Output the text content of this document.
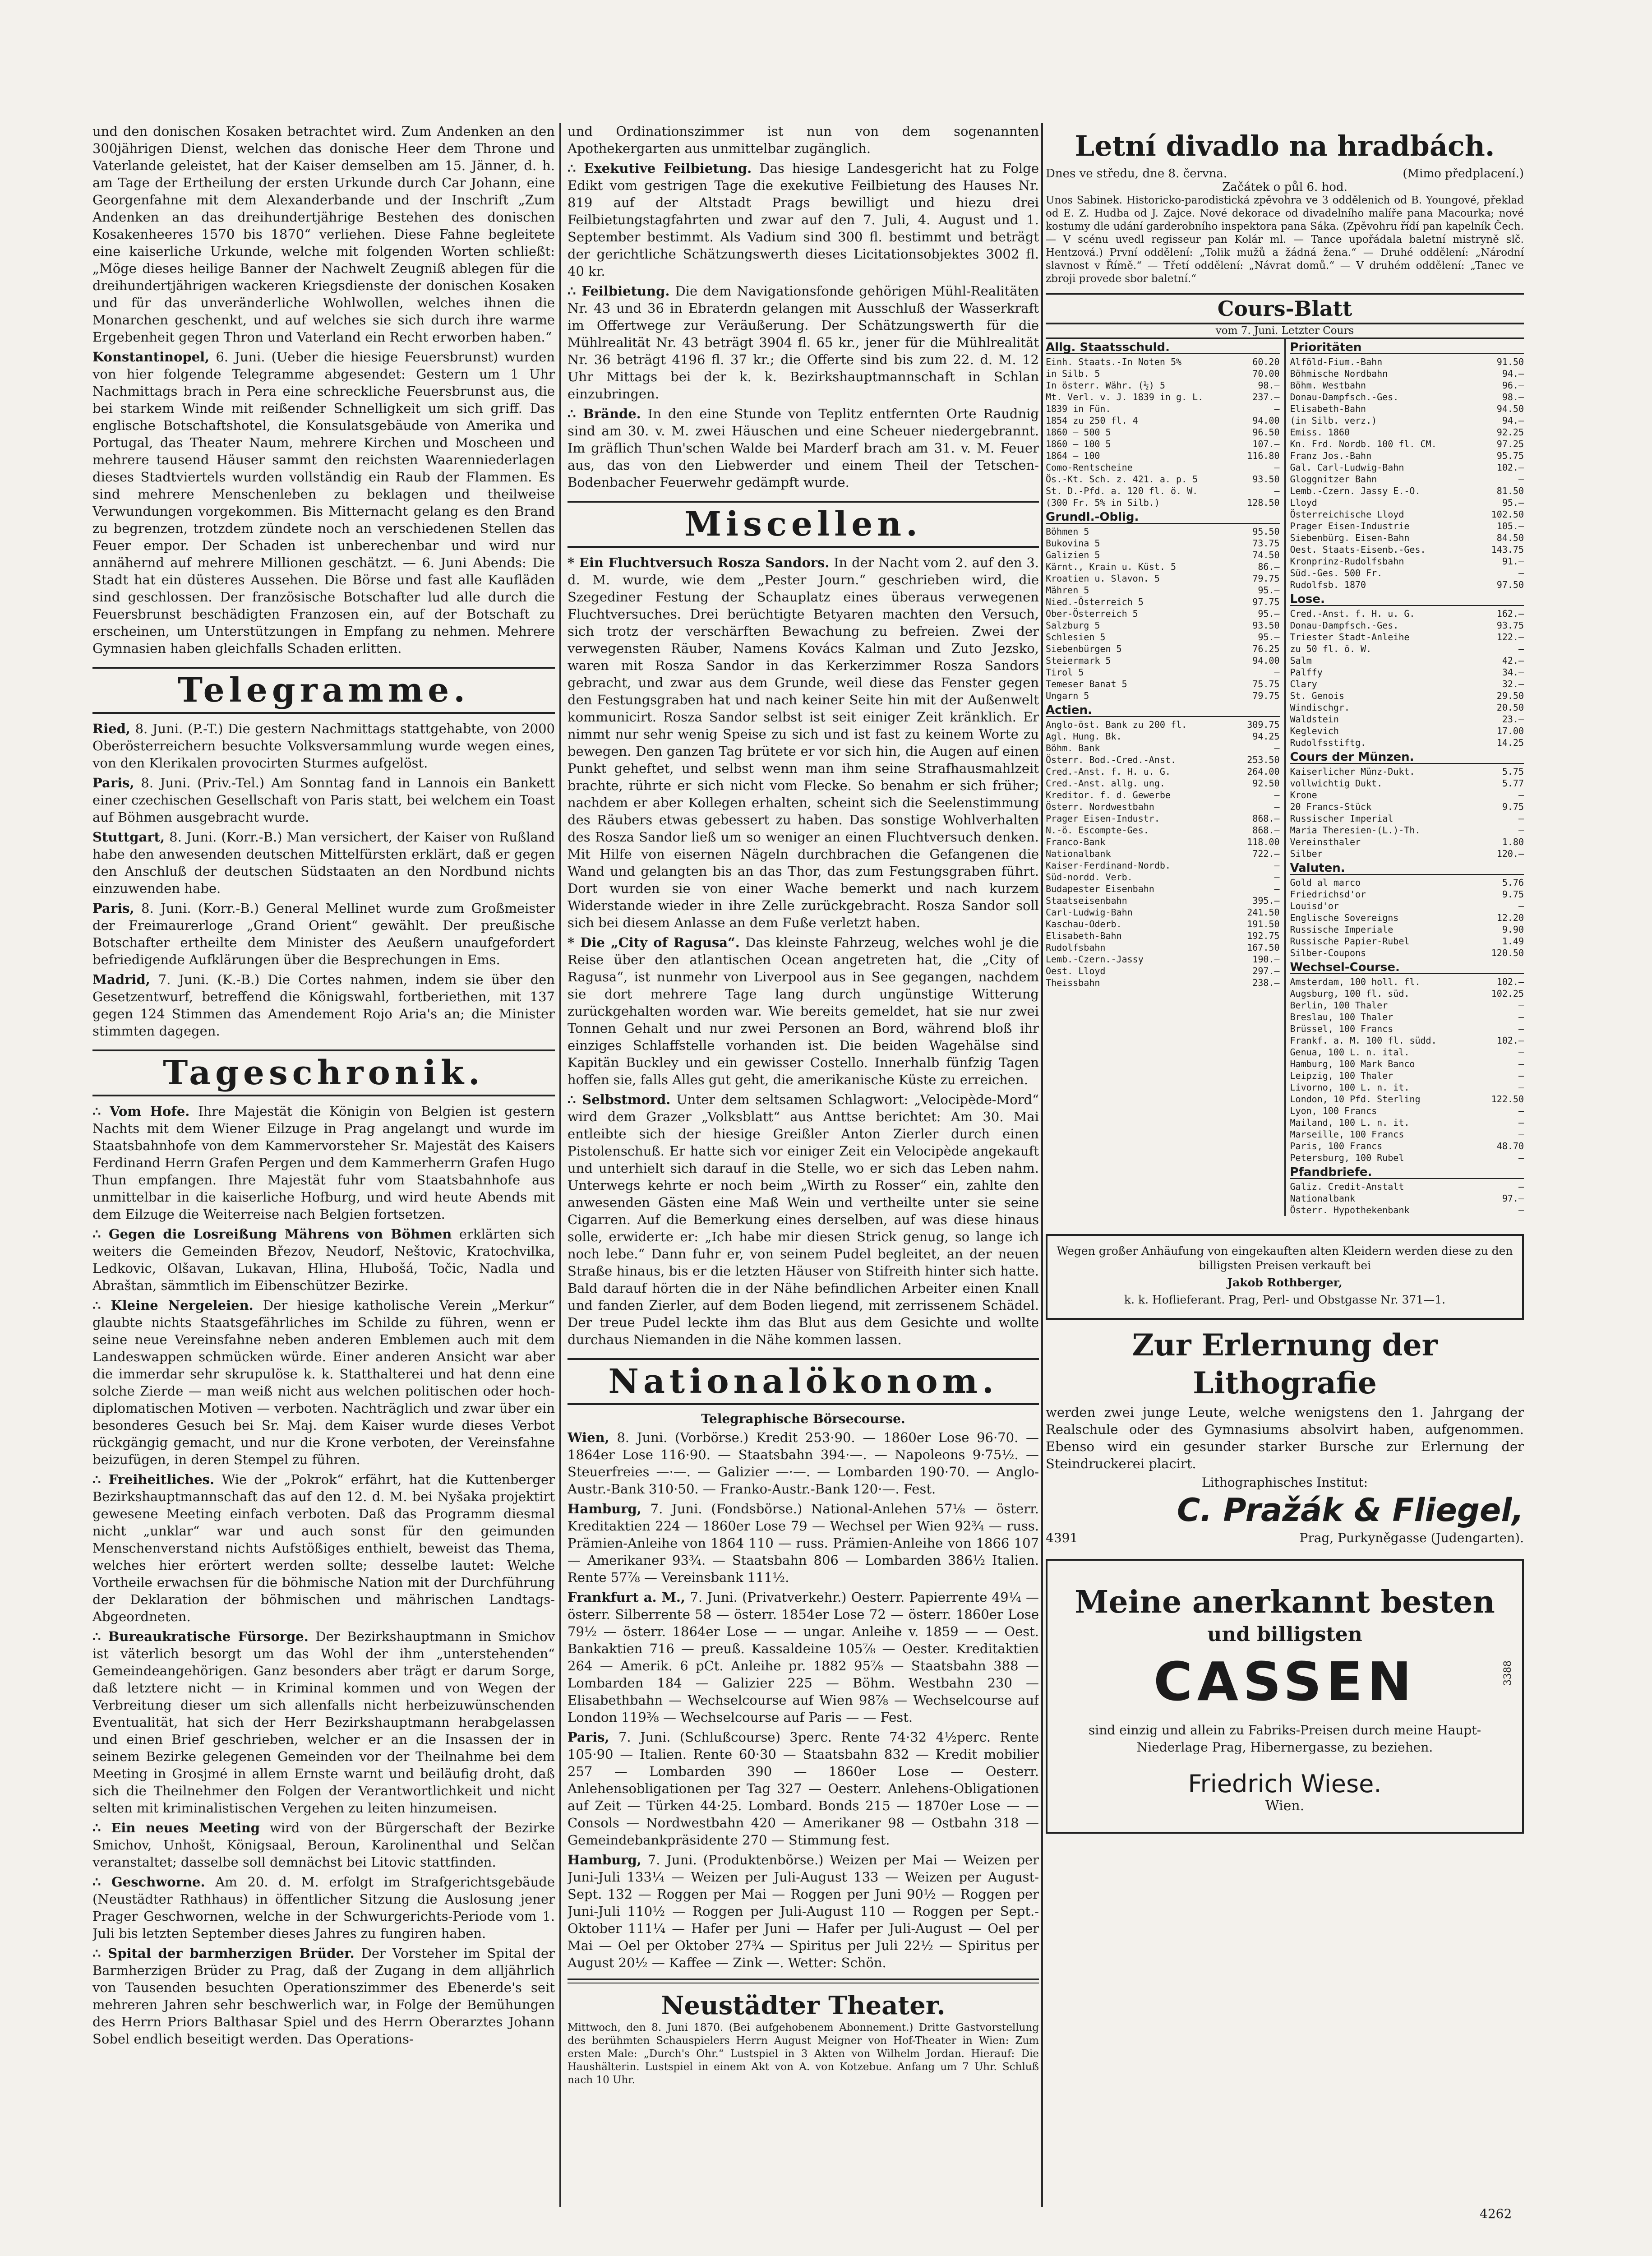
und den donischen Kosaken betrachtet wird. Zum Andenken an den 300jährigen Dienst, welchen das donische Heer dem Throne und Vaterlande geleistet, hat der Kaiser demselben am 15. Jänner, d. h. am Tage der Ertheilung der ersten Urkunde durch Car Johann, eine Georgenfahne mit dem Alexanderbande und der Inschrift „Zum Andenken an das dreihundertjährige Bestehen des donischen Kosakenheeres 1570 bis 1870“ verliehen. Diese Fahne begleitete eine kaiserliche Urkunde, welche mit folgenden Worten schließt: „Möge dieses heilige Banner der Nachwelt Zeugniß ablegen für die dreihundertjährigen wackeren Kriegsdienste der donischen Kosaken und für das unveränderliche Wohlwollen, welches ihnen die Monarchen geschenkt, und auf welches sie sich durch ihre warme Ergebenheit gegen Thron und Vaterland ein Recht erworben haben.“

Konstantinopel, 6. Juni. (Ueber die hiesige Feuersbrunst) wurden von hier folgende Telegramme abgesendet: Gestern um 1 Uhr Nachmittags brach in Pera eine schreckliche Feuersbrunst aus, die bei starkem Winde mit reißender Schnelligkeit um sich griff. Das englische Botschaftshotel, die Konsulatsgebäude von Amerika und Portugal, das Theater Naum, mehrere Kirchen und Moscheen und mehrere tausend Häuser sammt den reichsten Waarenniederlagen dieses Stadtviertels wurden vollständig ein Raub der Flammen. Es sind mehrere Menschenleben zu beklagen und theilweise Verwundungen vorgekommen. Bis Mitternacht gelang es den Brand zu begrenzen, trotzdem zündete noch an verschiedenen Stellen das Feuer empor. Der Schaden ist unberechenbar und wird nur annähernd auf mehrere Millionen geschätzt. — 6. Juni Abends: Die Stadt hat ein düsteres Aussehen. Die Börse und fast alle Kaufläden sind geschlossen. Der französische Botschafter lud alle durch die Feuersbrunst beschädigten Franzosen ein, auf der Botschaft zu erscheinen, um Unterstützungen in Empfang zu nehmen. Mehrere Gymnasien haben gleichfalls Schaden erlitten.

Telegramme.

Ried, 8. Juni. (P.-T.) Die gestern Nachmittags stattgehabte, von 2000 Oberösterreichern besuchte Volksversammlung wurde wegen eines, von den Klerikalen provocirten Sturmes aufgelöst.

Paris, 8. Juni. (Priv.-Tel.) Am Sonntag fand in Lannois ein Bankett einer czechischen Gesellschaft von Paris statt, bei welchem ein Toast auf Böhmen ausgebracht wurde.

Stuttgart, 8. Juni. (Korr.-B.) Man versichert, der Kaiser von Rußland habe den anwesenden deutschen Mittelfürsten erklärt, daß er gegen den Anschluß der deutschen Südstaaten an den Nordbund nichts einzuwenden habe.

Paris, 8. Juni. (Korr.-B.) General Mellinet wurde zum Großmeister der Freimaurerloge „Grand Orient“ gewählt. Der preußische Botschafter ertheilte dem Minister des Aeußern unaufgefordert befriedigende Aufklärungen über die Besprechungen in Ems.

Madrid, 7. Juni. (K.-B.) Die Cortes nahmen, indem sie über den Gesetzentwurf, betreffend die Königswahl, fortberiethen, mit 137 gegen 124 Stimmen das Amendement Rojo Aria's an; die Minister stimmten dagegen.

Tageschronik.

∴ Vom Hofe. Ihre Majestät die Königin von Belgien ist gestern Nachts mit dem Wiener Eilzuge in Prag angelangt und wurde im Staatsbahnhofe von dem Kammervorsteher Sr. Majestät des Kaisers Ferdinand Herrn Grafen Pergen und dem Kammerherrn Grafen Hugo Thun empfangen. Ihre Majestät fuhr vom Staatsbahnhofe aus unmittelbar in die kaiserliche Hofburg, und wird heute Abends mit dem Eilzuge die Weiterreise nach Belgien fortsetzen.

∴ Gegen die Losreißung Mährens von Böhmen erklärten sich weiters die Gemeinden Březov, Neudorf, Neštovic, Kratochvilka, Ledkovic, Olšavan, Lukavan, Hlina, Hlubošá, Točic, Nadla und Abraštan, sämmtlich im Eibenschützer Bezirke.

∴ Kleine Nergeleien. Der hiesige katholische Verein „Merkur“ glaubte nichts Staatsgefährliches im Schilde zu führen, wenn er seine neue Vereinsfahne neben anderen Emblemen auch mit dem Landeswappen schmücken würde. Einer anderen Ansicht war aber die immerdar sehr skrupulöse k. k. Statthalterei und hat denn eine solche Zierde — man weiß nicht aus welchen politischen oder hoch-diplomatischen Motiven — verboten. Nachträglich und zwar über ein besonderes Gesuch bei Sr. Maj. dem Kaiser wurde dieses Verbot rückgängig gemacht, und nur die Krone verboten, der Vereinsfahne beizufügen, in deren Stempel zu führen.

∴ Freiheitliches. Wie der „Pokrok“ erfährt, hat die Kuttenberger Bezirkshauptmannschaft das auf den 12. d. M. bei Nyšaka projektirt gewesene Meeting einfach verboten. Daß das Programm diesmal nicht „unklar“ war und auch sonst für den geimunden Menschenverstand nichts Aufstößiges enthielt, beweist das Thema, welches hier erörtert werden sollte; desselbe lautet: Welche Vortheile erwachsen für die böhmische Nation mit der Durchführung der Deklaration der böhmischen und mährischen Landtags-Abgeordneten.

∴ Bureaukratische Fürsorge. Der Bezirkshauptmann in Smichov ist väterlich besorgt um das Wohl der ihm „unterstehenden“ Gemeindeangehörigen. Ganz besonders aber trägt er darum Sorge, daß letztere nicht — in Kriminal kommen und von Wegen der Verbreitung dieser um sich allenfalls nicht herbeizuwünschenden Eventualität, hat sich der Herr Bezirkshauptmann herabgelassen und einen Brief geschrieben, welcher er an die Insassen der in seinem Bezirke gelegenen Gemeinden vor der Theilnahme bei dem Meeting in Grosjmé in allem Ernste warnt und beiläufig droht, daß sich die Theilnehmer den Folgen der Verantwortlichkeit und nicht selten mit kriminalistischen Vergehen zu leiten hinzumeisen.

∴ Ein neues Meeting wird von der Bürgerschaft der Bezirke Smichov, Unhošt, Königsaal, Beroun, Karolinenthal und Selčan veranstaltet; dasselbe soll demnächst bei Litovic stattfinden.

∴ Geschworne. Am 20. d. M. erfolgt im Strafgerichtsgebäude (Neustädter Rathhaus) in öffentlicher Sitzung die Auslosung jener Prager Geschwornen, welche in der Schwurgerichts-Periode vom 1. Juli bis letzten September dieses Jahres zu fungiren haben.

∴ Spital der barmherzigen Brüder. Der Vorsteher im Spital der Barmherzigen Brüder zu Prag, daß der Zugang in dem alljährlich von Tausenden besuchten Operationszimmer des Ebenerde's seit mehreren Jahren sehr beschwerlich war, in Folge der Bemühungen des Herrn Priors Balthasar Spiel und des Herrn Oberarztes Johann Sobel endlich beseitigt werden. Das Operations-

und Ordinationszimmer ist nun von dem sogenannten Apothekergarten aus unmittelbar zugänglich.

∴ Exekutive Feilbietung. Das hiesige Landesgericht hat zu Folge Edikt vom gestrigen Tage die exekutive Feilbietung des Hauses Nr. 819 auf der Altstadt Prags bewilligt und hiezu drei Feilbietungstagfahrten und zwar auf den 7. Juli, 4. August und 1. September bestimmt. Als Vadium sind 300 fl. bestimmt und beträgt der gerichtliche Schätzungswerth dieses Licitationsobjektes 3002 fl. 40 kr.

∴ Feilbietung. Die dem Navigationsfonde gehörigen Mühl-Realitäten Nr. 43 und 36 in Ebraterdn gelangen mit Ausschluß der Wasserkraft im Offertwege zur Veräußerung. Der Schätzungswerth für die Mühlrealität Nr. 43 beträgt 3904 fl. 65 kr., jener für die Mühlrealität Nr. 36 beträgt 4196 fl. 37 kr.; die Offerte sind bis zum 22. d. M. 12 Uhr Mittags bei der k. k. Bezirkshauptmannschaft in Schlan einzubringen.

∴ Brände. In den eine Stunde von Teplitz entfernten Orte Raudnig sind am 30. v. M. zwei Häuschen und eine Scheuer niedergebrannt. Im gräflich Thun'schen Walde bei Marderf brach am 31. v. M. Feuer aus, das von den Liebwerder und einem Theil der Tetschen-Bodenbacher Feuerwehr gedämpft wurde.

Miscellen.

* Ein Fluchtversuch Rosza Sandors. In der Nacht vom 2. auf den 3. d. M. wurde, wie dem „Pester Journ.“ geschrieben wird, die Szegediner Festung der Schauplatz eines überaus verwegenen Fluchtversuches. Drei berüchtigte Betyaren machten den Versuch, sich trotz der verschärften Bewachung zu befreien. Zwei der verwegensten Räuber, Namens Kovács Kalman und Zuto Jezsko, waren mit Rosza Sandor in das Kerkerzimmer Rosza Sandors gebracht, und zwar aus dem Grunde, weil diese das Fenster gegen den Festungsgraben hat und nach keiner Seite hin mit der Außenwelt kommunicirt. Rosza Sandor selbst ist seit einiger Zeit kränklich. Er nimmt nur sehr wenig Speise zu sich und ist fast zu keinem Worte zu bewegen. Den ganzen Tag brütete er vor sich hin, die Augen auf einen Punkt geheftet, und selbst wenn man ihm seine Strafhausmahlzeit brachte, rührte er sich nicht vom Flecke. So benahm er sich früher; nachdem er aber Kollegen erhalten, scheint sich die Seelenstimmung des Räubers etwas gebessert zu haben. Das sonstige Wohlverhalten des Rosza Sandor ließ um so weniger an einen Fluchtversuch denken. Mit Hilfe von eisernen Nägeln durchbrachen die Gefangenen die Wand und gelangten bis an das Thor, das zum Festungsgraben führt. Dort wurden sie von einer Wache bemerkt und nach kurzem Widerstande wieder in ihre Zelle zurückgebracht. Rosza Sandor soll sich bei diesem Anlasse an dem Fuße verletzt haben.

* Die „City of Ragusa“. Das kleinste Fahrzeug, welches wohl je die Reise über den atlantischen Ocean angetreten hat, die „City of Ragusa“, ist nunmehr von Liverpool aus in See gegangen, nachdem sie dort mehrere Tage lang durch ungünstige Witterung zurückgehalten worden war. Wie bereits gemeldet, hat sie nur zwei Tonnen Gehalt und nur zwei Personen an Bord, während bloß ihr einziges Schlaffstelle vorhanden ist. Die beiden Wagehälse sind Kapitän Buckley und ein gewisser Costello. Innerhalb fünfzig Tagen hoffen sie, falls Alles gut geht, die amerikanische Küste zu erreichen.

∴ Selbstmord. Unter dem seltsamen Schlagwort: „Velocipède-Mord“ wird dem Grazer „Volksblatt“ aus Anttse berichtet: Am 30. Mai entleibte sich der hiesige Greißler Anton Zierler durch einen Pistolenschuß. Er hatte sich vor einiger Zeit ein Velocipède angekauft und unterhielt sich darauf in die Stelle, wo er sich das Leben nahm. Unterwegs kehrte er noch beim „Wirth zu Rosser“ ein, zahlte den anwesenden Gästen eine Maß Wein und vertheilte unter sie seine Cigarren. Auf die Bemerkung eines derselben, auf was diese hinaus solle, erwiderte er: „Ich habe mir diesen Strick genug, so lange ich noch lebe.“ Dann fuhr er, von seinem Pudel begleitet, an der neuen Straße hinaus, bis er die letzten Häuser von Stifreith hinter sich hatte. Bald darauf hörten die in der Nähe befindlichen Arbeiter einen Knall und fanden Zierler, auf dem Boden liegend, mit zerrissenem Schädel. Der treue Pudel leckte ihm das Blut aus dem Gesichte und wollte durchaus Niemanden in die Nähe kommen lassen.

Nationalökonom.
Telegraphische Börsecourse.

Wien, 8. Juni. (Vorbörse.) Kredit 253·90. — 1860er Lose 96·70. — 1864er Lose 116·90. — Staatsbahn 394·—. — Napoleons 9·75½. — Steuerfreies —·—. — Galizier —·—. — Lombarden 190·70. — Anglo-Austr.-Bank 310·50. — Franko-Austr.-Bank 120·—. Fest.

Hamburg, 7. Juni. (Fondsbörse.) National-Anlehen 57⅛ — österr. Kreditaktien 224 — 1860er Lose 79 — Wechsel per Wien 92¾ — russ. Prämien-Anleihe von 1864 110 — russ. Prämien-Anleihe von 1866 107 — Amerikaner 93¾. — Staatsbahn 806 — Lombarden 386½ Italien. Rente 57⅞ — Vereinsbank 111½.

Frankfurt a. M., 7. Juni. (Privatverkehr.) Oesterr. Papierrente 49¼ — österr. Silberrente 58 — österr. 1854er Lose 72 — österr. 1860er Lose 79½ — österr. 1864er Lose — — ungar. Anleihe v. 1859 — — Oest. Bankaktien 716 — preuß. Kassaldeine 105⅞ — Oester. Kreditaktien 264 — Amerik. 6 pCt. Anleihe pr. 1882 95⅞ — Staatsbahn 388 — Lombarden 184 — Galizier 225 — Böhm. Westbahn 230 — Elisabethbahn — Wechselcourse auf Wien 98⅞ — Wechselcourse auf London 119⅜ — Wechselcourse auf Paris — — Fest.

Paris, 7. Juni. (Schlußcourse) 3perc. Rente 74·32 4½perc. Rente 105·90 — Italien. Rente 60·30 — Staatsbahn 832 — Kredit mobilier 257 — Lombarden 390 — 1860er Lose — Oesterr. Anlehensobligationen per Tag 327 — Oesterr. Anlehens-Obligationen auf Zeit — Türken 44·25. Lombard. Bonds 215 — 1870er Lose — — Consols — Nordwestbahn 420 — Amerikaner 98 — Ostbahn 318 — Gemeindebankpräsidente 270 — Stimmung fest.

Hamburg, 7. Juni. (Produktenbörse.) Weizen per Mai — Weizen per Juni-Juli 133¼ — Weizen per Juli-August 133 — Weizen per August-Sept. 132 — Roggen per Mai — Roggen per Juni 90½ — Roggen per Juni-Juli 110½ — Roggen per Juli-August 110 — Roggen per Sept.-Oktober 111¼ — Hafer per Juni — Hafer per Juli-August — Oel per Mai — Oel per Oktober 27¾ — Spiritus per Juli 22½ — Spiritus per August 20½ — Kaffee — Zink —. Wetter: Schön.

Neustädter Theater.

Mittwoch, den 8. Juni 1870. (Bei aufgehobenem Abonnement.) Dritte Gastvorstellung des berühmten Schauspielers Herrn August Meigner von Hof-Theater in Wien: Zum ersten Male: „Durch's Ohr.“ Lustspiel in 3 Akten von Wilhelm Jordan. Hierauf: Die Haushälterin. Lustspiel in einem Akt von A. von Kotzebue. Anfang um 7 Uhr. Schluß nach 10 Uhr.

Letní divadlo na hradbách.
Dnes ve středu, dne 8. června.	(Mimo předplacení.)
Začátek o půl 6. hod.

Unos Sabinek. Historicko-parodistická zpěvohra ve 3 oddělenich od B. Youngové, překlad od E. Z. Hudba od J. Zajce. Nové dekorace od divadelního malíře pana Macourka; nové kostumy dle udání garderobního inspektora pana Sáka. (Zpěvohru řídí pan kapelník Čech. — V scénu uvedl regisseur pan Kolár ml. — Tance upořádala baletní mistryně slč. Hentzová.) První oddělení: „Tolik mužů a žádná žena.“ — Druhé oddělení: „Národní slavnost v Římě.“ — Třetí oddělení: „Návrat domů.“ — V druhém oddělení: „Tanec ve zbroji provede sbor baletní.“

Cours-Blatt
vom 7. Juni. Letzter Cours
Allg. Staatsschuld.
Einh. Staats.-In Noten 5%	60.20
in Silb. 5	70.00
In österr. Währ. (½) 5	98.—
Mt. Verl. v. J. 1839 in g. L.	237.—
1839 in Fün.	—
1854 zu 250 fl. 4	94.00
1860 — 500 5	96.50
1860 — 100 5	107.—
1864 — 100	116.80
Como-Rentscheine	—
Ös.-Kt. Sch. z. 421. a. p. 5	93.50
St. D.-Pfd. a. 120 fl. ö. W.	—
(300 Fr. 5% in Silb.)	128.50
Grundl.-Oblig.
Böhmen 5	95.50
Bukovina 5	73.75
Galizien 5	74.50
Kärnt., Krain u. Küst. 5	86.—
Kroatien u. Slavon. 5	79.75
Mähren 5	95.—
Nied.-Österreich 5	97.75
Ober-Österreich 5	95.—
Salzburg 5	93.50
Schlesien 5	95.—
Siebenbürgen 5	76.25
Steiermark 5	94.00
Tirol 5	—
Temeser Banat 5	75.75
Ungarn 5	79.75
Actien.
Anglo-öst. Bank zu 200 fl.	309.75
Agl. Hung. Bk.	94.25
Böhm. Bank	—
Österr. Bod.-Cred.-Anst.	253.50
Cred.-Anst. f. H. u. G.	264.00
Cred.-Anst. allg. ung.	92.50
Kreditor. f. d. Gewerbe	—
Österr. Nordwestbahn	—
Prager Eisen-Industr.	868.—
N.-ö. Escompte-Ges.	868.—
Franco-Bank	118.00
Nationalbank	722.—
Kaiser-Ferdinand-Nordb.	—
Süd-nordd. Verb.	—
Budapester Eisenbahn	—
Staatseisenbahn	395.—
Carl-Ludwig-Bahn	241.50
Kaschau-Oderb.	191.50
Elisabeth-Bahn	192.75
Rudolfsbahn	167.50
Lemb.-Czern.-Jassy	190.—
Oest. Lloyd	297.—
Theissbahn	238.—
Prioritäten
Alföld-Fium.-Bahn	91.50
Böhmische Nordbahn	94.—
Böhm. Westbahn	96.—
Donau-Dampfsch.-Ges.	98.—
Elisabeth-Bahn	94.50
(in Silb. verz.)	94.—
Emiss. 1860	92.25
Kn. Frd. Nordb. 100 fl. CM.	97.25
Franz Jos.-Bahn	95.75
Gal. Carl-Ludwig-Bahn	102.—
Gloggnitzer Bahn	—
Lemb.-Czern. Jassy E.-O.	81.50
Lloyd	95.—
Österreichische Lloyd	102.50
Prager Eisen-Industrie	105.—
Siebenbürg. Eisen-Bahn	84.50
Oest. Staats-Eisenb.-Ges.	143.75
Kronprinz-Rudolfsbahn	91.—
Süd.-Ges. 500 Fr.	—
Rudolfsb. 1870	97.50
Lose.
Cred.-Anst. f. H. u. G.	162.—
Donau-Dampfsch.-Ges.	93.75
Triester Stadt-Anleihe	122.—
zu 50 fl. ö. W.	—
Salm	42.—
Palffy	34.—
Clary	32.—
St. Genois	29.50
Windischgr.	20.50
Waldstein	23.—
Keglevich	17.00
Rudolfsstiftg.	14.25
Cours der Münzen.
Kaiserlicher Münz-Dukt.	5.75
vollwichtig Dukt.	5.77
Krone	—
20 Francs-Stück	9.75
Russischer Imperial	—
Maria Theresien-(L.)-Th.	—
Vereinsthaler	1.80
Silber	120.—
Valuten.
Gold al marco	5.76
Friedrichsd'or	9.75
Louisd'or	—
Englische Sovereigns	12.20
Russische Imperiale	9.90
Russische Papier-Rubel	1.49
Silber-Coupons	120.50
Wechsel-Course.
Amsterdam, 100 holl. fl.	102.—
Augsburg, 100 fl. süd.	102.25
Berlin, 100 Thaler	—
Breslau, 100 Thaler	—
Brüssel, 100 Francs	—
Frankf. a. M. 100 fl. südd.	102.—
Genua, 100 L. n. ital.	—
Hamburg, 100 Mark Banco	—
Leipzig, 100 Thaler	—
Livorno, 100 L. n. it.	—
London, 10 Pfd. Sterling	122.50
Lyon, 100 Francs	—
Mailand, 100 L. n. it.	—
Marseille, 100 Francs	—
Paris, 100 Francs	48.70
Petersburg, 100 Rubel	—
Pfandbriefe.
Galiz. Credit-Anstalt	—
Nationalbank	97.—
Österr. Hypothekenbank	—

Wegen großer Anhäufung von eingekauften alten Kleidern werden diese zu den billigsten Preisen verkauft bei

Jakob Rothberger,

k. k. Hoflieferant. Prag, Perl- und Obstgasse Nr. 371—1.

Zur Erlernung der Lithografie

werden zwei junge Leute, welche wenigstens den 1. Jahrgang der Realschule oder des Gymnasiums absolvirt haben, aufgenommen. Ebenso wird ein gesunder starker Bursche zur Erlernung der Steindruckerei placirt.

Lithographisches Institut:
C. Pražák & Fliegel,
4391	Prag, Purkyněgasse (Judengarten).
Meine anerkannt besten
und billigsten
CASSEN

sind einzig und allein zu Fabriks-Preisen durch meine Haupt-Niederlage Prag, Hibernergasse, zu beziehen.

Friedrich Wiese.
Wien.
3388
4262
